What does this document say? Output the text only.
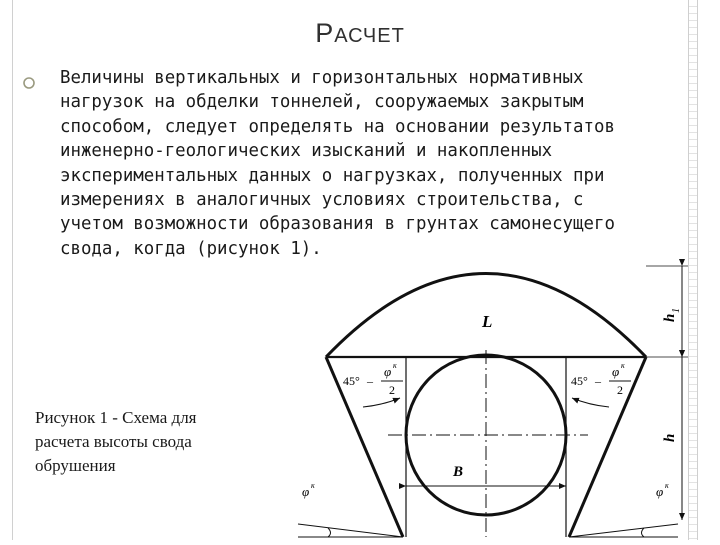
РАСЧЕТ
Величины вертикальных и горизонтальных нормативных
нагрузок на обделки тоннелей, сооружаемых закрытым
способом, следует определять на основании результатов
инженерно-геологических изысканий и накопленных
экспериментальных данных о нагрузках, полученных при
измерениях в аналогичных условиях строительства, с
учетом возможности образования в грунтах самонесущего
свода, когда (рисунок 1).
Рисунок 1 - Схема для
расчета высоты свода
обрушения
L
B
h
h
1
45° –
φ к
2
45° –
φ к
2
φ к	φ к
